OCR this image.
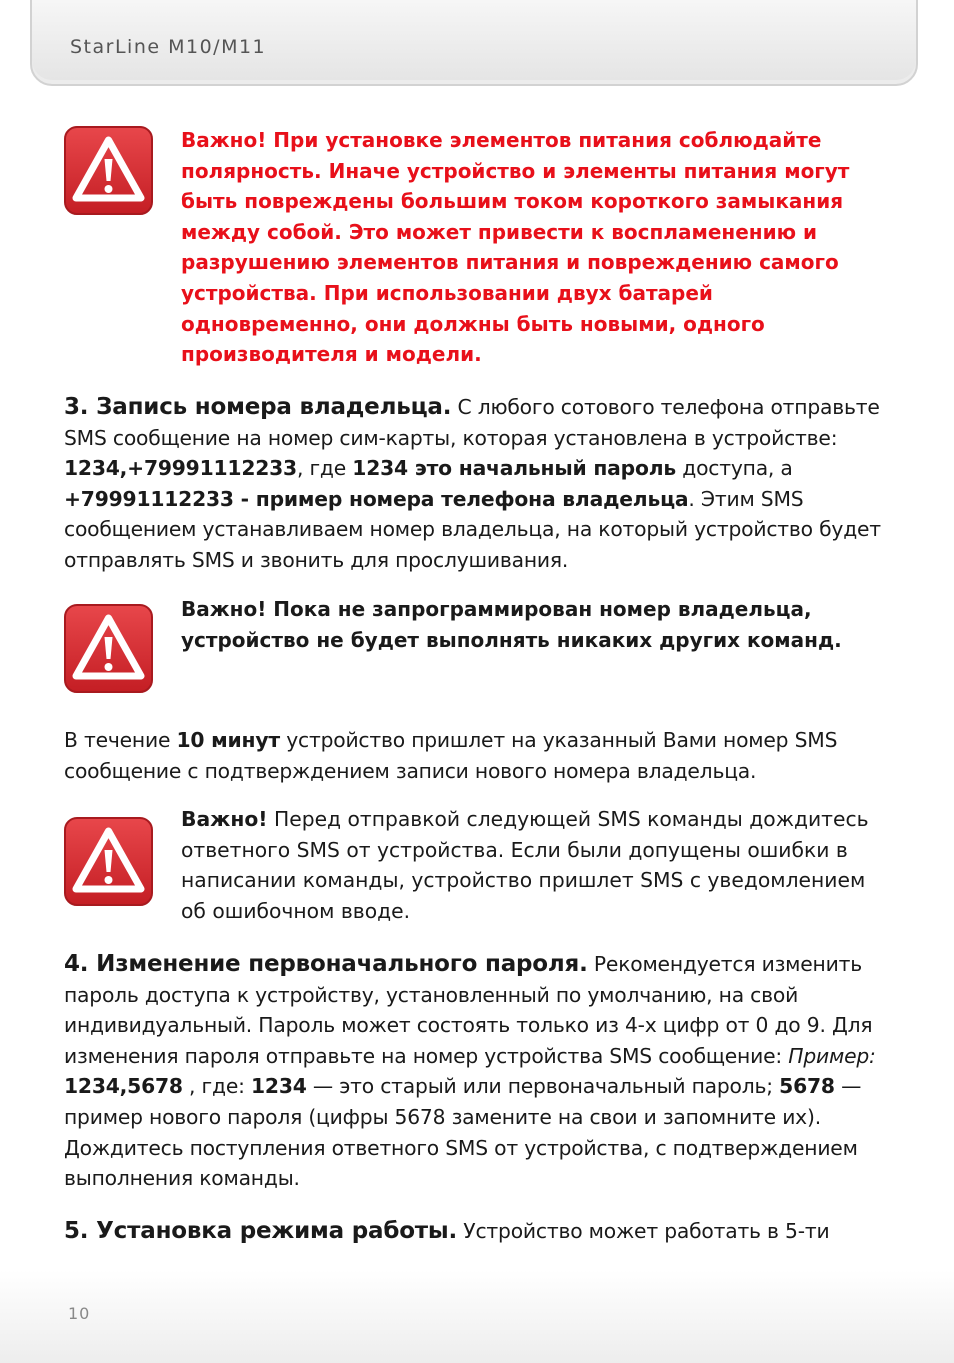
StarLine M10/M11
Важно! При установке элементов питания соблюдайте полярность. Иначе устройство и элементы питания могут быть повреждены большим током короткого замыкания между собой. Это может привести к воспламенению и разрушению элементов питания и повреждению самого устройства. При использовании двух батарей одновременно, они должны быть новыми, одного производителя и модели.
3. Запись номера владельца. С любого сотового телефона отправьте SMS сообщение на номер сим-карты, которая установлена в устройстве: 1234,+79991112233, где 1234 это начальный пароль доступа, а +79991112233 - пример номера телефона владельца. Этим SMS сообщением устанавливаем номер владельца, на который устройство будет отправлять SMS и звонить для прослушивания.
Важно! Пока не запрограммирован номер владельца, устройство не будет выполнять никаких других команд.
В течение 10 минут устройство пришлет на указанный Вами номер SMS сообщение с подтверждением записи нового номера владельца.
Важно! Перед отправкой следующей SMS команды дождитесь ответного SMS от устройства. Если были допущены ошибки в написании команды, устройство пришлет SMS с уведомлением об ошибочном вводе.
4. Изменение первоначального пароля. Рекомендуется изменить пароль доступа к устройству, установленный по умолчанию, на свой индивидуальный. Пароль может состоять только из 4-х цифр от 0 до 9. Для изменения пароля отправьте на номер устройства SMS сообщение: Пример: 1234,5678 , где: 1234 — это старый или первоначальный пароль; 5678 — пример нового пароля (цифры 5678 замените на свои и запомните их). Дождитесь поступления ответного SMS от устройства, с подтверждением выполнения команды.
5. Установка режима работы. Устройство может работать в 5-ти
10
